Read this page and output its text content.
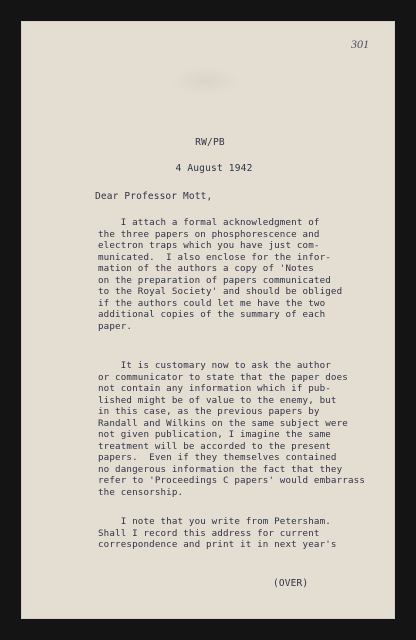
301
RW/PB
4 August 1942
Dear Professor Mott,
I attach a formal acknowledgment of
the three papers on phosphorescence and
electron traps which you have just com-
municated.  I also enclose for the infor-
mation of the authors a copy of 'Notes
on the preparation of papers communicated
to the Royal Society' and should be obliged
if the authors could let me have the two
additional copies of the summary of each
paper.
It is customary now to ask the author
or communicator to state that the paper does
not contain any information which if pub-
lished might be of value to the enemy, but
in this case, as the previous papers by
Randall and Wilkins on the same subject were
not given publication, I imagine the same
treatment will be accorded to the present
papers.  Even if they themselves contained
no dangerous information the fact that they
refer to 'Proceedings C papers' would embarrass
the censorship.
I note that you write from Petersham.
Shall I record this address for current
correspondence and print it in next year's
(OVER)
